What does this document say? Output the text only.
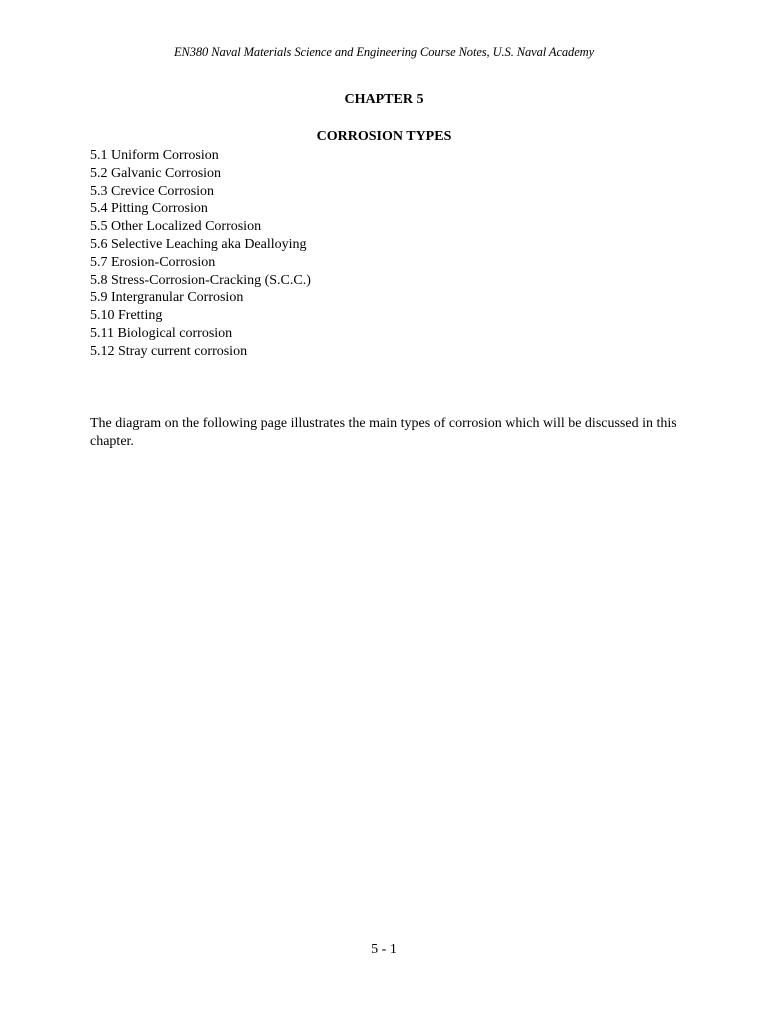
EN380 Naval Materials Science and Engineering Course Notes, U.S. Naval Academy
CHAPTER 5
CORROSION TYPES
5.1 Uniform Corrosion
5.2 Galvanic Corrosion
5.3 Crevice Corrosion
5.4 Pitting Corrosion
5.5 Other Localized Corrosion
5.6 Selective Leaching aka Dealloying
5.7 Erosion-Corrosion
5.8 Stress-Corrosion-Cracking (S.C.C.)
5.9 Intergranular Corrosion
5.10 Fretting
5.11 Biological corrosion
5.12 Stray current corrosion

The diagram on the following page illustrates the main types of corrosion which will be discussed in this chapter.

5 - 1
